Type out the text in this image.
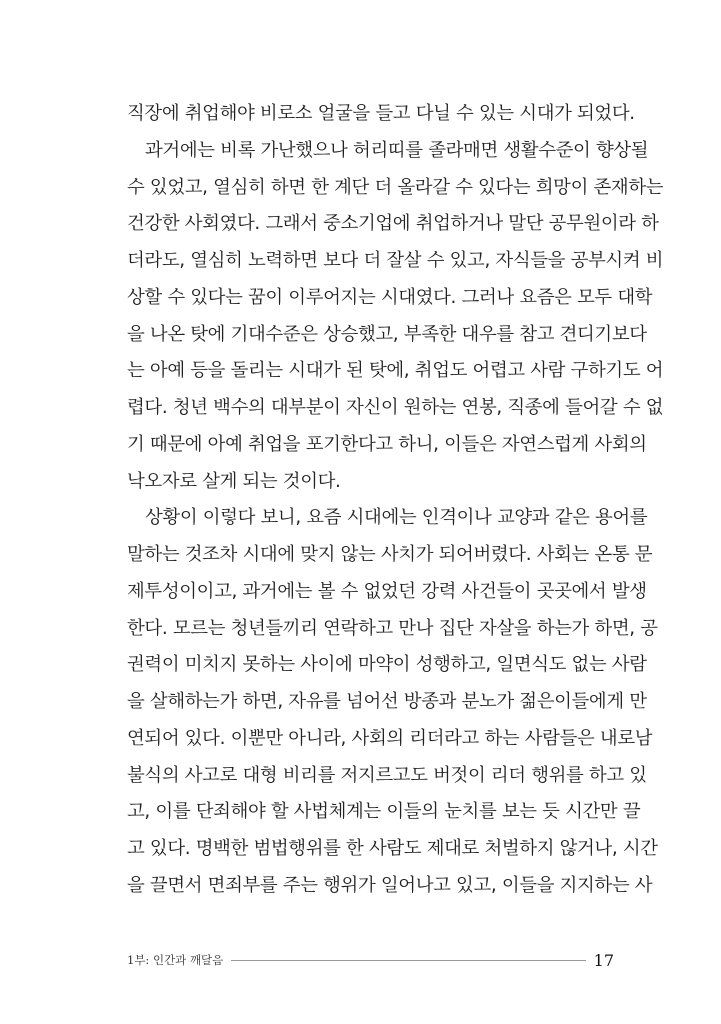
직장에 취업해야 비로소 얼굴을 들고 다닐 수 있는 시대가 되었다.
과거에는 비록 가난했으나 허리띠를 졸라매면 생활수준이 향상될
수 있었고, 열심히 하면 한 계단 더 올라갈 수 있다는 희망이 존재하는
건강한 사회였다. 그래서 중소기업에 취업하거나 말단 공무원이라 하
더라도, 열심히 노력하면 보다 더 잘살 수 있고, 자식들을 공부시켜 비
상할 수 있다는 꿈이 이루어지는 시대였다. 그러나 요즘은 모두 대학
을 나온 탓에 기대수준은 상승했고, 부족한 대우를 참고 견디기보다
는 아예 등을 돌리는 시대가 된 탓에, 취업도 어렵고 사람 구하기도 어
렵다. 청년 백수의 대부분이 자신이 원하는 연봉, 직종에 들어갈 수 없
기 때문에 아예 취업을 포기한다고 하니, 이들은 자연스럽게 사회의
낙오자로 살게 되는 것이다.
상황이 이렇다 보니, 요즘 시대에는 인격이나 교양과 같은 용어를
말하는 것조차 시대에 맞지 않는 사치가 되어버렸다. 사회는 온통 문
제투성이이고, 과거에는 볼 수 없었던 강력 사건들이 곳곳에서 발생
한다. 모르는 청년들끼리 연락하고 만나 집단 자살을 하는가 하면, 공
권력이 미치지 못하는 사이에 마약이 성행하고, 일면식도 없는 사람
을 살해하는가 하면, 자유를 넘어선 방종과 분노가 젊은이들에게 만
연되어 있다. 이뿐만 아니라, 사회의 리더라고 하는 사람들은 내로남
불식의 사고로 대형 비리를 저지르고도 버젓이 리더 행위를 하고 있
고, 이를 단죄해야 할 사법체계는 이들의 눈치를 보는 듯 시간만 끌
고 있다. 명백한 범법행위를 한 사람도 제대로 처벌하지 않거나, 시간
을 끌면서 면죄부를 주는 행위가 일어나고 있고, 이들을 지지하는 사
1부: 인간과 깨달음	17
